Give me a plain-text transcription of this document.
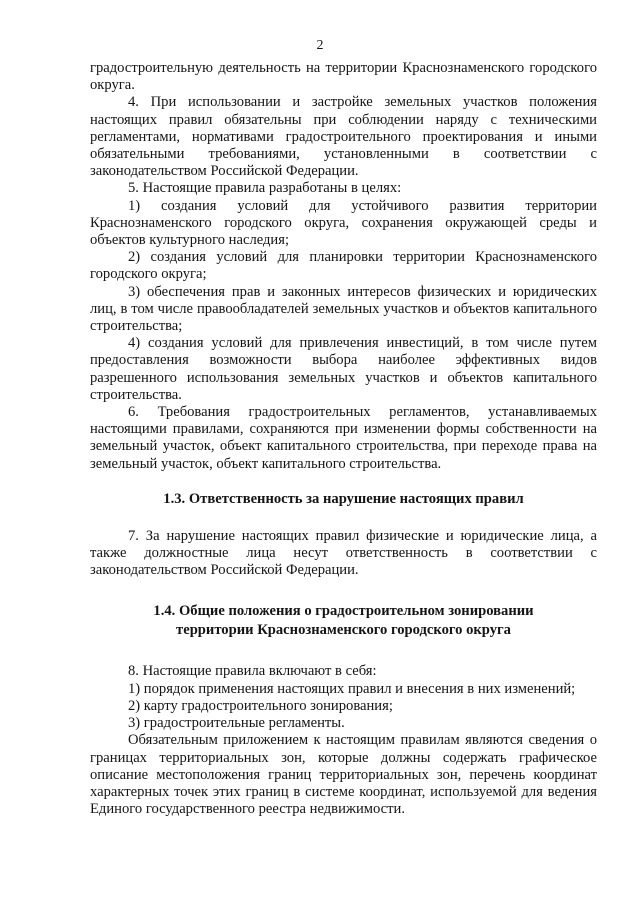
2

градостроительную деятельность на территории Краснознаменского городского округа.

4. При использовании и застройке земельных участков положения настоящих правил обязательны при соблюдении наряду с техническими регламентами, нормативами градостроительного проектирования и иными обязательными требованиями, установленными в соответствии с законодательством Российской Федерации.

5. Настоящие правила разработаны в целях:

1) создания условий для устойчивого развития территории Краснознаменского городского округа, сохранения окружающей среды и объектов культурного наследия;

2) создания условий для планировки территории Краснознаменского городского округа;

3) обеспечения прав и законных интересов физических и юридических лиц, в том числе правообладателей земельных участков и объектов капитального строительства;

4) создания условий для привлечения инвестиций, в том числе путем предоставления возможности выбора наиболее эффективных видов разрешенного использования земельных участков и объектов капитального строительства.

6. Требования градостроительных регламентов, устанавливаемых настоящими правилами, сохраняются при изменении формы собственности на земельный участок, объект капитального строительства, при переходе права на земельный участок, объект капитального строительства.

1.3. Ответственность за нарушение настоящих правил

7. За нарушение настоящих правил физические и юридические лица, а также должностные лица несут ответственность в соответствии с законодательством Российской Федерации.

1.4. Общие положения о градостроительном зонировании
территории Краснознаменского городского округа

8. Настоящие правила включают в себя:

1) порядок применения настоящих правил и внесения в них изменений;

2) карту градостроительного зонирования;

3) градостроительные регламенты.

Обязательным приложением к настоящим правилам являются сведения о границах территориальных зон, которые должны содержать графическое описание местоположения границ территориальных зон, перечень координат характерных точек этих границ в системе координат, используемой для ведения Единого государственного реестра недвижимости.
